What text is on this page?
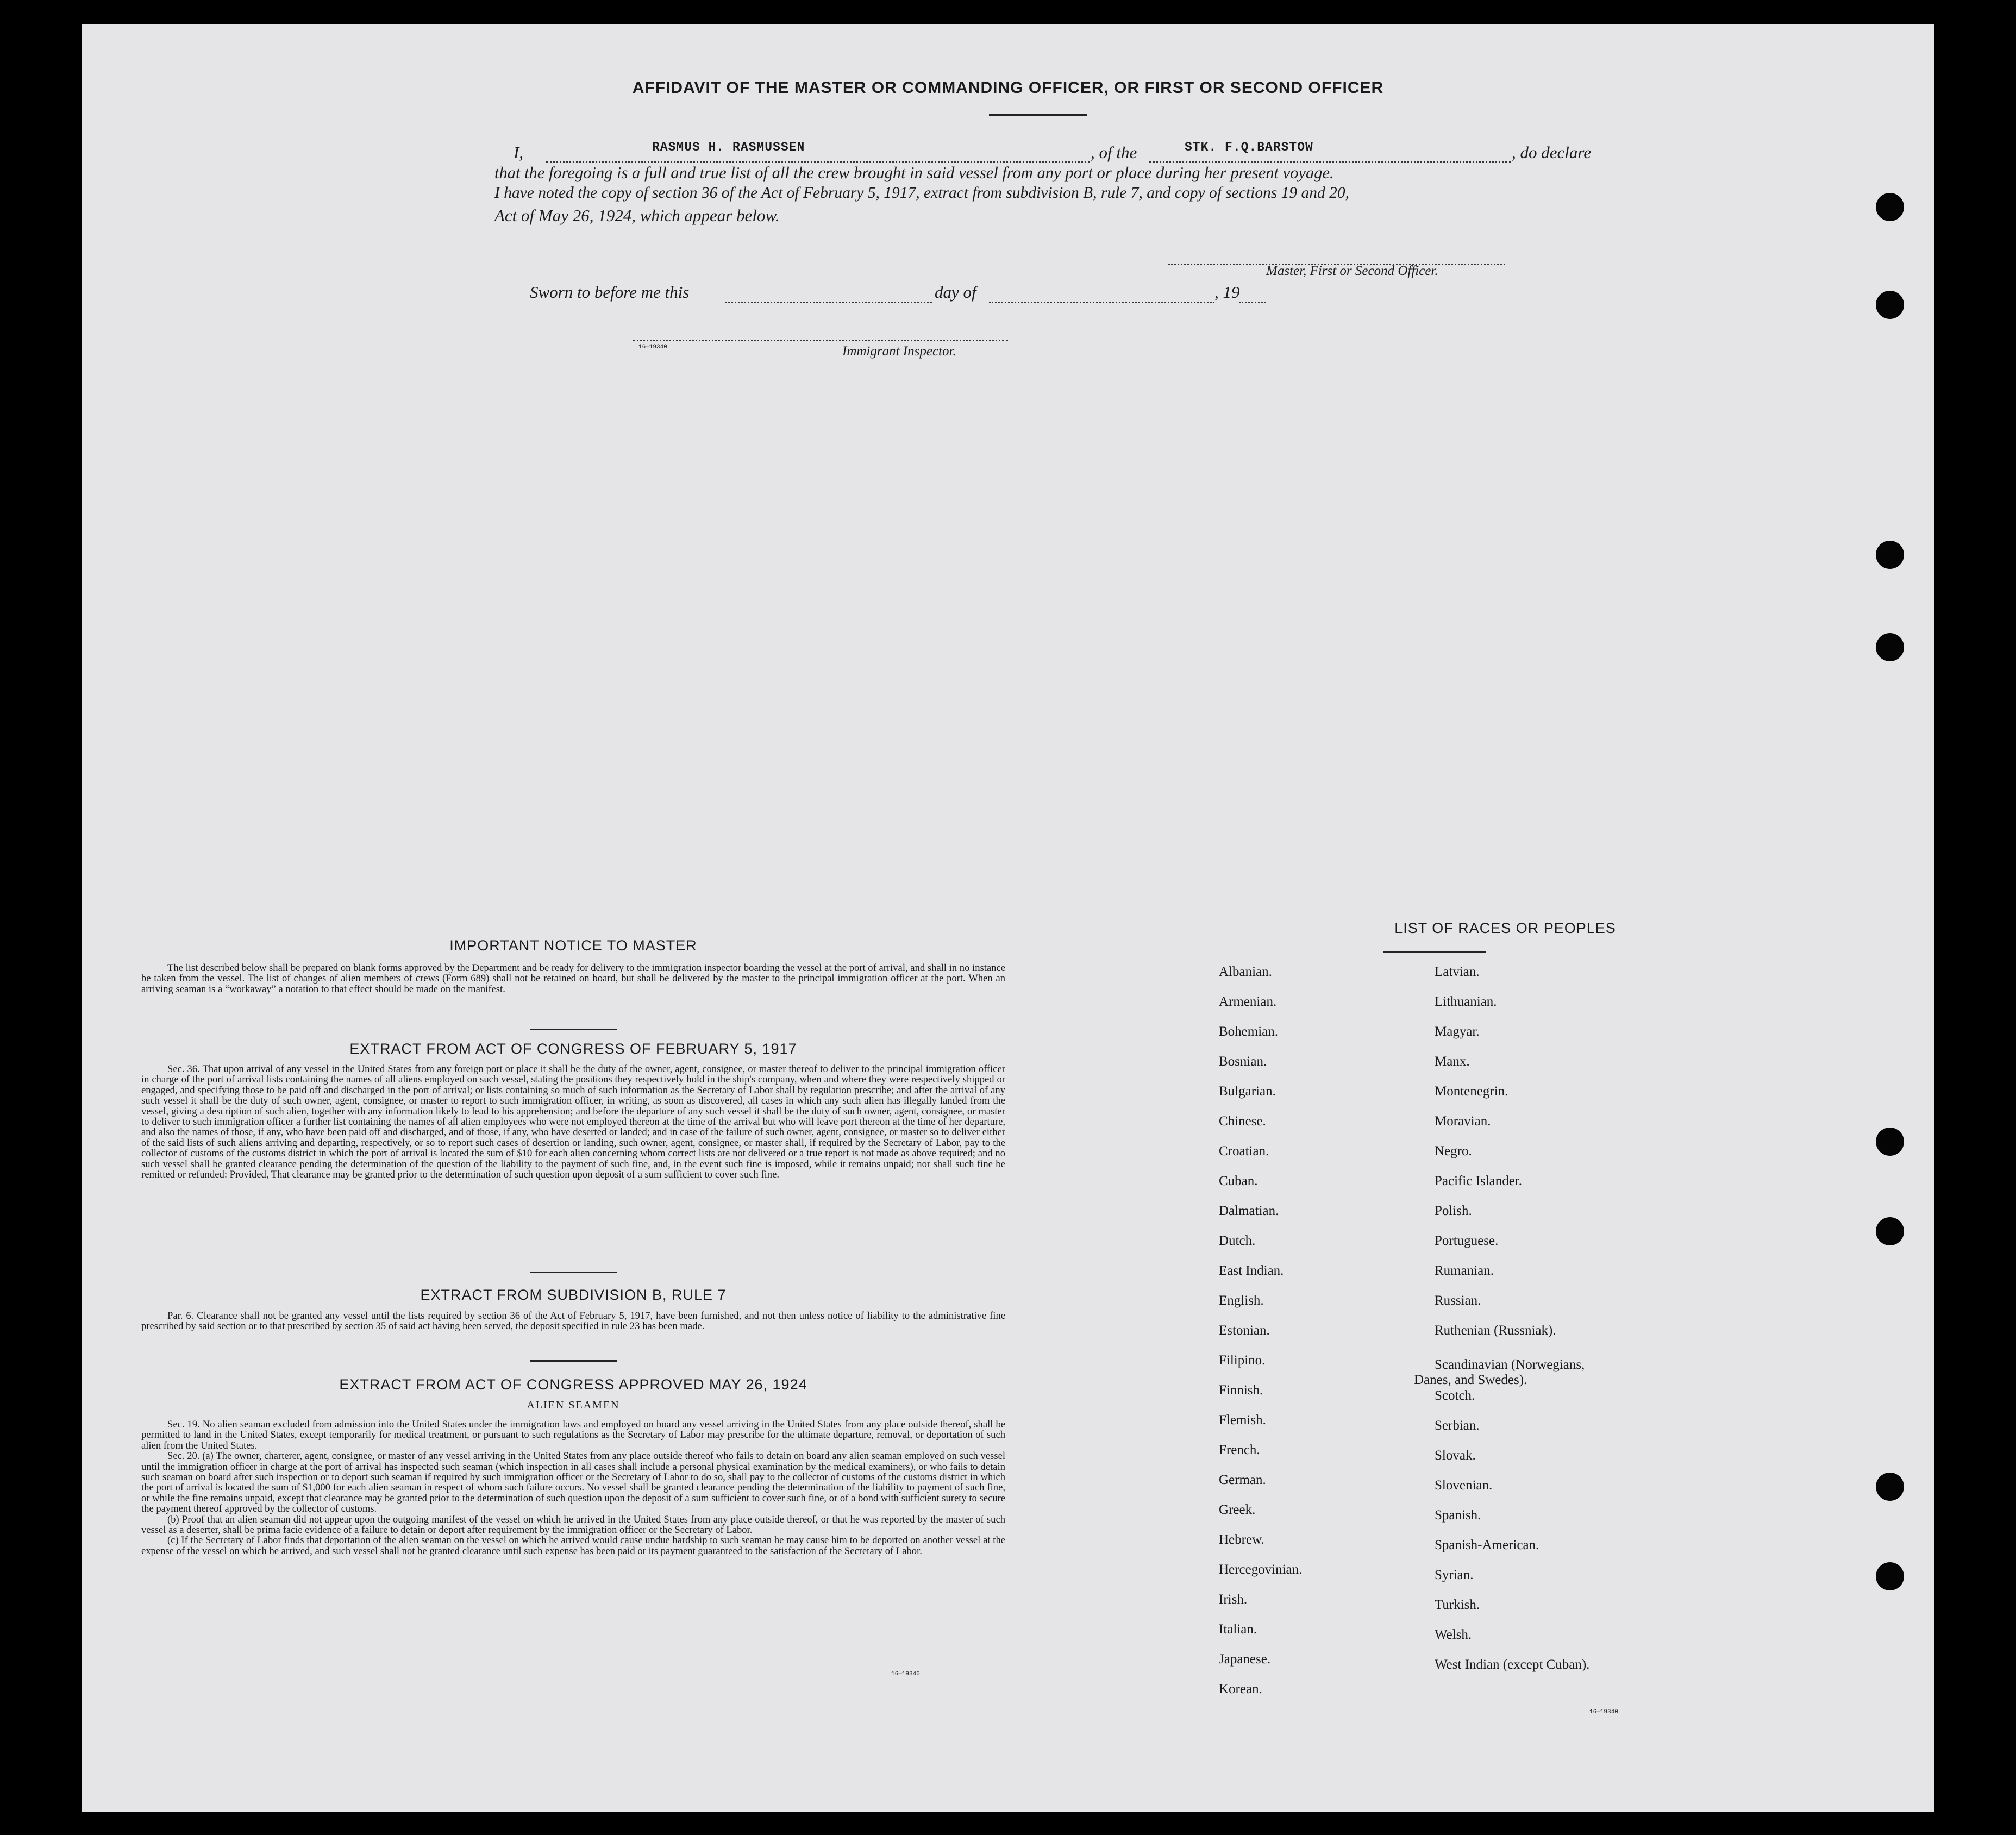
AFFIDAVIT OF THE MASTER OR COMMANDING OFFICER, OR FIRST OR SECOND OFFICER
I,	RASMUS H. RASMUSSEN	, of the	STK. F.Q.BARSTOW	, do declare
that the foregoing is a full and true list of all the crew brought in said vessel from any port or place during her present voyage.
I have noted the copy of section 36 of the Act of February 5, 1917, extract from subdivision B, rule 7, and copy of sections 19 and 20,
Act of May 26, 1924, which appear below.
Master, First or Second Officer.
Sworn to before me this	day of	, 19
16—19340	Immigrant Inspector.
IMPORTANT NOTICE TO MASTER

The list described below shall be prepared on blank forms approved by the Department and be ready for delivery to the immigration inspector boarding the vessel at the port of arrival, and shall in no instance be taken from the vessel. The list of changes of alien members of crews (Form 689) shall not be retained on board, but shall be delivered by the master to the principal immigration officer at the port. When an arriving seaman is a “workaway” a notation to that effect should be made on the manifest.

EXTRACT FROM ACT OF CONGRESS OF FEBRUARY 5, 1917

Sec. 36. That upon arrival of any vessel in the United States from any foreign port or place it shall be the duty of the owner, agent, consignee, or master thereof to deliver to the principal immigration officer in charge of the port of arrival lists containing the names of all aliens employed on such vessel, stating the positions they respectively hold in the ship's company, when and where they were respectively shipped or engaged, and specifying those to be paid off and discharged in the port of arrival; or lists containing so much of such information as the Secretary of Labor shall by regulation prescribe; and after the arrival of any such vessel it shall be the duty of such owner, agent, consignee, or master to report to such immigration officer, in writing, as soon as discovered, all cases in which any such alien has illegally landed from the vessel, giving a description of such alien, together with any information likely to lead to his apprehension; and before the departure of any such vessel it shall be the duty of such owner, agent, consignee, or master to deliver to such immigration officer a further list containing the names of all alien employees who were not employed thereon at the time of the arrival but who will leave port thereon at the time of her departure, and also the names of those, if any, who have been paid off and discharged, and of those, if any, who have deserted or landed; and in case of the failure of such owner, agent, consignee, or master so to deliver either of the said lists of such aliens arriving and departing, respectively, or so to report such cases of desertion or landing, such owner, agent, consignee, or master shall, if required by the Secretary of Labor, pay to the collector of customs of the customs district in which the port of arrival is located the sum of $10 for each alien concerning whom correct lists are not delivered or a true report is not made as above required; and no such vessel shall be granted clearance pending the determination of the question of the liability to the payment of such fine, and, in the event such fine is imposed, while it remains unpaid; nor shall such fine be remitted or refunded: Provided, That clearance may be granted prior to the determination of such question upon deposit of a sum sufficient to cover such fine.

EXTRACT FROM SUBDIVISION B, RULE 7

Par. 6. Clearance shall not be granted any vessel until the lists required by section 36 of the Act of February 5, 1917, have been furnished, and not then unless notice of liability to the administrative fine prescribed by said section or to that prescribed by section 35 of said act having been served, the deposit specified in rule 23 has been made.

EXTRACT FROM ACT OF CONGRESS APPROVED MAY 26, 1924
ALIEN SEAMEN

Sec. 19. No alien seaman excluded from admission into the United States under the immigration laws and employed on board any vessel arriving in the United States from any place outside thereof, shall be permitted to land in the United States, except temporarily for medical treatment, or pursuant to such regulations as the Secretary of Labor may prescribe for the ultimate departure, removal, or deportation of such alien from the United States.

Sec. 20. (a) The owner, charterer, agent, consignee, or master of any vessel arriving in the United States from any place outside thereof who fails to detain on board any alien seaman employed on such vessel until the immigration officer in charge at the port of arrival has inspected such seaman (which inspection in all cases shall include a personal physical examination by the medical examiners), or who fails to detain such seaman on board after such inspection or to deport such seaman if required by such immigration officer or the Secretary of Labor to do so, shall pay to the collector of customs of the customs district in which the port of arrival is located the sum of $1,000 for each alien seaman in respect of whom such failure occurs. No vessel shall be granted clearance pending the determination of the liability to payment of such fine, or while the fine remains unpaid, except that clearance may be granted prior to the determination of such question upon the deposit of a sum sufficient to cover such fine, or of a bond with sufficient surety to secure the payment thereof approved by the collector of customs.

(b) Proof that an alien seaman did not appear upon the outgoing manifest of the vessel on which he arrived in the United States from any place outside thereof, or that he was reported by the master of such vessel as a deserter, shall be prima facie evidence of a failure to detain or deport after requirement by the immigration officer or the Secretary of Labor.

(c) If the Secretary of Labor finds that deportation of the alien seaman on the vessel on which he arrived would cause undue hardship to such seaman he may cause him to be deported on another vessel at the expense of the vessel on which he arrived, and such vessel shall not be granted clearance until such expense has been paid or its payment guaranteed to the satisfaction of the Secretary of Labor.

16—19340
LIST OF RACES OR PEOPLES
Albanian.
Armenian.
Bohemian.
Bosnian.
Bulgarian.
Chinese.
Croatian.
Cuban.
Dalmatian.
Dutch.
East Indian.
English.
Estonian.
Filipino.
Finnish.
Flemish.
French.
German.
Greek.
Hebrew.
Hercegovinian.
Irish.
Italian.
Japanese.
Korean.
Latvian.
Lithuanian.
Magyar.
Manx.
Montenegrin.
Moravian.
Negro.
Pacific Islander.
Polish.
Portuguese.
Rumanian.
Russian.
Ruthenian (Russniak).
Scandinavian (Norwegians,
Danes, and Swedes).
Scotch.
Serbian.
Slovak.
Slovenian.
Spanish.
Spanish-American.
Syrian.
Turkish.
Welsh.
West Indian (except Cuban).
16—19340
